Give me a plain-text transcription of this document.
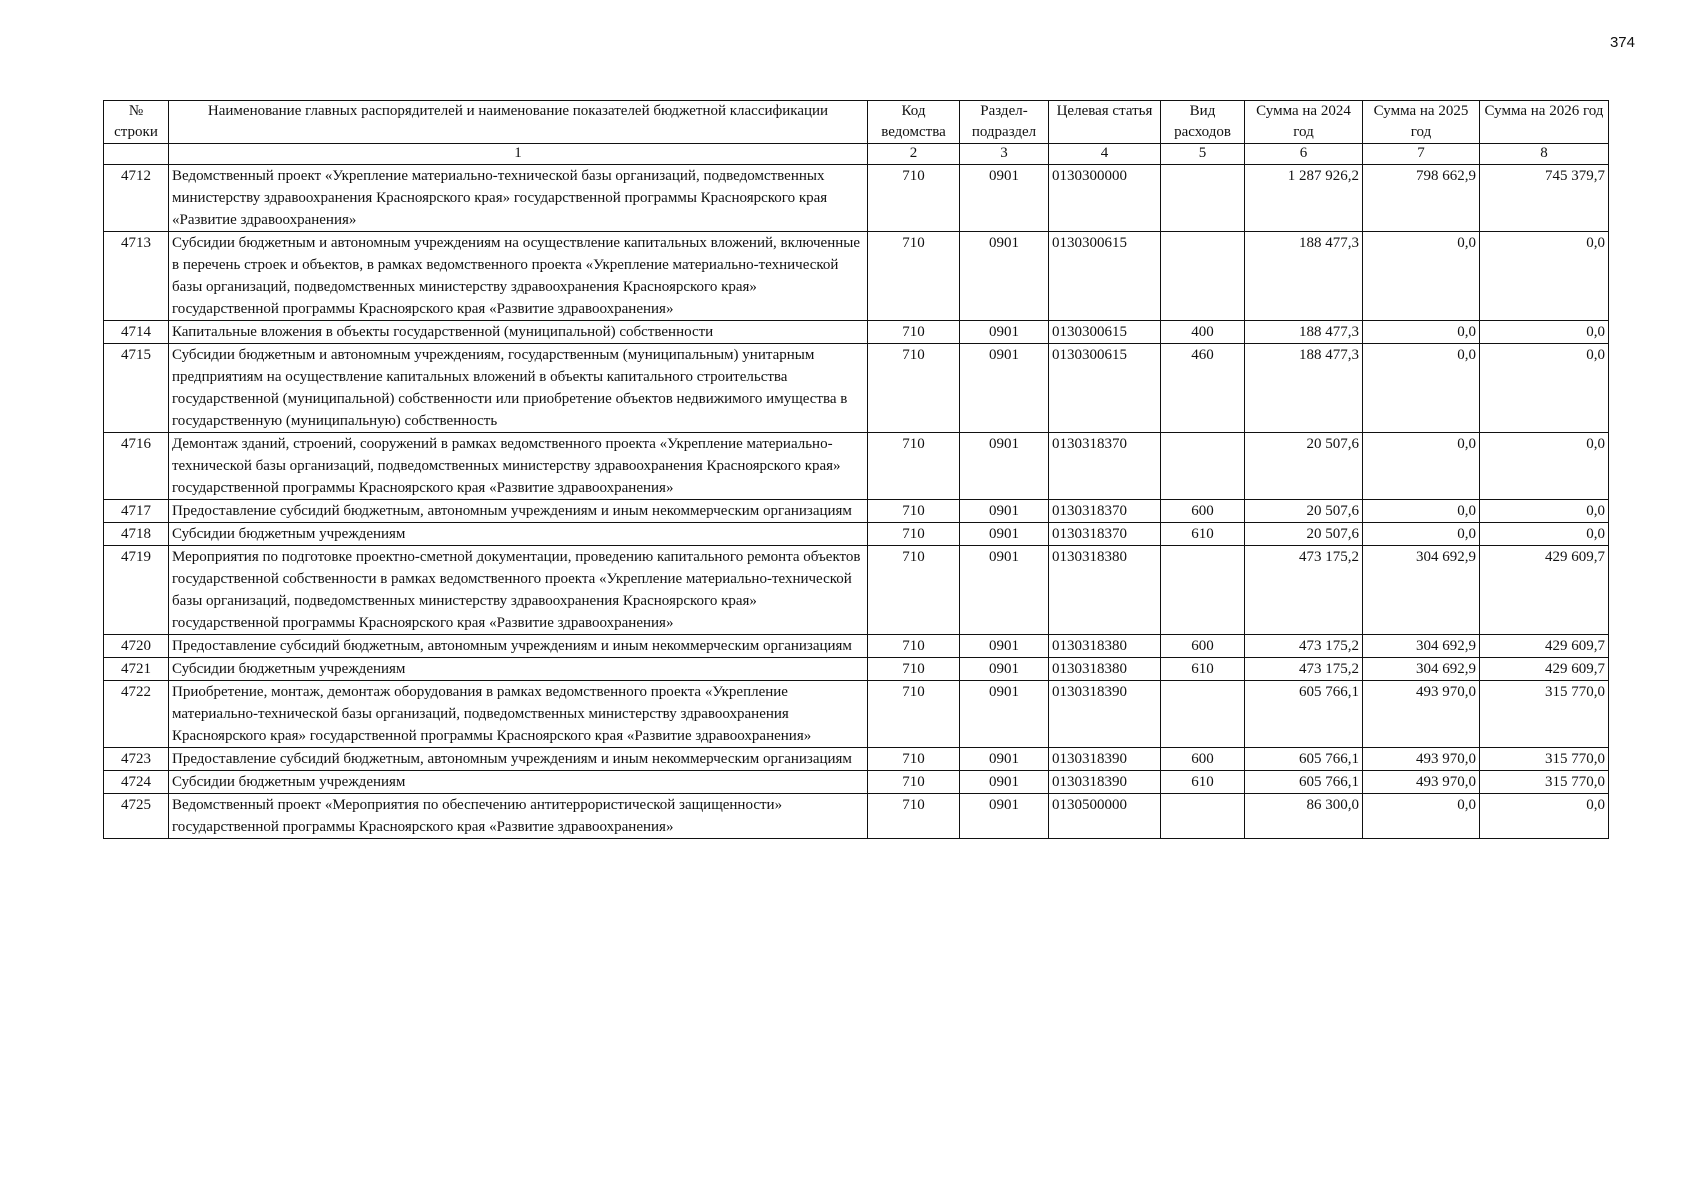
374
№ строки	Наименование главных распорядителей и наименование показателей бюджетной классификации	Код ведомства	Раздел-подраздел	Целевая статья	Вид расходов	Сумма на 2024 год	Сумма на 2025 год	Сумма на 2026 год
	1	2	3	4	5	6	7	8
4712	Ведомственный проект «Укрепление материально-технической базы организаций, подведомственных министерству здравоохранения Красноярского края» государственной программы Красноярского края «Развитие здравоохранения»	710	0901	0130300000		1 287 926,2	798 662,9	745 379,7
4713	Субсидии бюджетным и автономным учреждениям на осуществление капитальных вложений, включенные в перечень строек и объектов, в рамках ведомственного проекта «Укрепление материально-технической базы организаций, подведомственных министерству здравоохранения Красноярского края» государственной программы Красноярского края «Развитие здравоохранения»	710	0901	0130300615		188 477,3	0,0	0,0
4714	Капитальные вложения в объекты государственной (муниципальной) собственности	710	0901	0130300615	400	188 477,3	0,0	0,0
4715	Субсидии бюджетным и автономным учреждениям, государственным (муниципальным) унитарным предприятиям на осуществление капитальных вложений в объекты капитального строительства государственной (муниципальной) собственности или приобретение объектов недвижимого имущества в государственную (муниципальную) собственность	710	0901	0130300615	460	188 477,3	0,0	0,0
4716	Демонтаж зданий, строений, сооружений в рамках ведомственного проекта «Укрепление материально-технической базы организаций, подведомственных министерству здравоохранения Красноярского края» государственной программы Красноярского края «Развитие здравоохранения»	710	0901	0130318370		20 507,6	0,0	0,0
4717	Предоставление субсидий бюджетным, автономным учреждениям и иным некоммерческим организациям	710	0901	0130318370	600	20 507,6	0,0	0,0
4718	Субсидии бюджетным учреждениям	710	0901	0130318370	610	20 507,6	0,0	0,0
4719	Мероприятия по подготовке проектно-сметной документации, проведению капитального ремонта объектов государственной собственности в рамках ведомственного проекта «Укрепление материально-технической базы организаций, подведомственных министерству здравоохранения Красноярского края» государственной программы Красноярского края «Развитие здравоохранения»	710	0901	0130318380		473 175,2	304 692,9	429 609,7
4720	Предоставление субсидий бюджетным, автономным учреждениям и иным некоммерческим организациям	710	0901	0130318380	600	473 175,2	304 692,9	429 609,7
4721	Субсидии бюджетным учреждениям	710	0901	0130318380	610	473 175,2	304 692,9	429 609,7
4722	Приобретение, монтаж, демонтаж оборудования в рамках ведомственного проекта «Укрепление материально-технической базы организаций, подведомственных министерству здравоохранения Красноярского края» государственной программы Красноярского края «Развитие здравоохранения»	710	0901	0130318390		605 766,1	493 970,0	315 770,0
4723	Предоставление субсидий бюджетным, автономным учреждениям и иным некоммерческим организациям	710	0901	0130318390	600	605 766,1	493 970,0	315 770,0
4724	Субсидии бюджетным учреждениям	710	0901	0130318390	610	605 766,1	493 970,0	315 770,0
4725	Ведомственный проект «Мероприятия по обеспечению антитеррористической защищенности» государственной программы Красноярского края «Развитие здравоохранения»	710	0901	0130500000		86 300,0	0,0	0,0
